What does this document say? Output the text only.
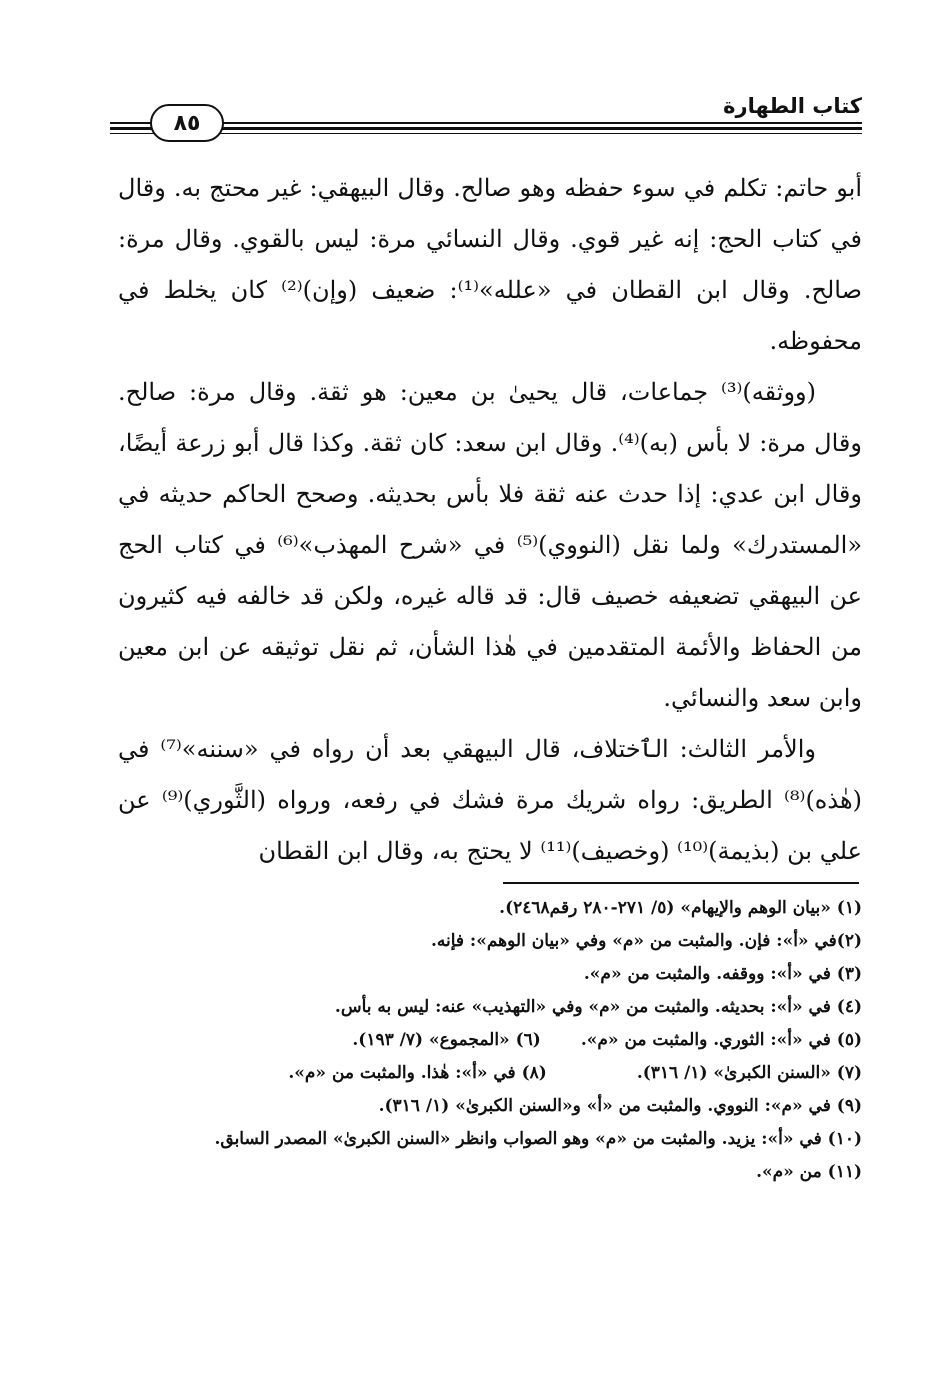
٨٥
كتاب الطهارة

أبو حاتم: تكلم في سوء حفظه وهو صالح. وقال البيهقي: غير محتج به. وقال في كتاب الحج: إنه غير قوي. وقال النسائي مرة: ليس بالقوي. وقال مرة: صالح. وقال ابن القطان في «علله»⁽¹⁾: ضعيف (وإن)⁽²⁾ كان يخلط في محفوظه.

(ووثقه)⁽³⁾ جماعات، قال يحيىٰ بن معين: هو ثقة. وقال مرة: صالح. وقال مرة: لا بأس (به)⁽⁴⁾. وقال ابن سعد: كان ثقة. وكذا قال أبو زرعة أيضًا، وقال ابن عدي: إذا حدث عنه ثقة فلا بأس بحديثه. وصحح الحاكم حديثه في «المستدرك» ولما نقل (النووي)⁽⁵⁾ في «شرح المهذب»⁽⁶⁾ في كتاب الحج عن البيهقي تضعيفه خصيف قال: قد قاله غيره، ولكن قد خالفه فيه كثيرون من الحفاظ والأئمة المتقدمين في هٰذا الشأن، ثم نقل توثيقه عن ابن معين وابن سعد والنسائي.

والأمر الثالث: الٱختلاف، قال البيهقي بعد أن رواه في «سننه»⁽⁷⁾ في (هٰذه)⁽⁸⁾ الطريق: رواه شريك مرة فشك في رفعه، ورواه (الثَّوري)⁽⁹⁾ عن علي بن (بذيمة)⁽¹⁰⁾ (وخصيف)⁽¹¹⁾ لا يحتج به، وقال ابن القطان

(١) «بيان الوهم والإيهام» (٥/ ٢٧١-٢٨٠ رقم٢٤٦٨).

(٢)في «أ»: فإن. والمثبت من «م» وفي «بيان الوهم»: فإنه.

(٣) في «أ»: ووقفه. والمثبت من «م».

(٤) في «أ»: بحديثه. والمثبت من «م» وفي «التهذيب» عنه: ليس به بأس.

(٥) في «أ»: الثوري. والمثبت من «م».
(٦) «المجموع» (٧/ ١٩٣).
(٧) «السنن الكبرىٰ» (١/ ٣١٦).
(٨) في «أ»: هٰذا. والمثبت من «م».

(٩) في «م»: النووي. والمثبت من «أ» و«السنن الكبرىٰ» (١/ ٣١٦).

(١٠) في «أ»: يزيد. والمثبت من «م» وهو الصواب وانظر «السنن الكبرىٰ» المصدر السابق.

(١١) من «م».
